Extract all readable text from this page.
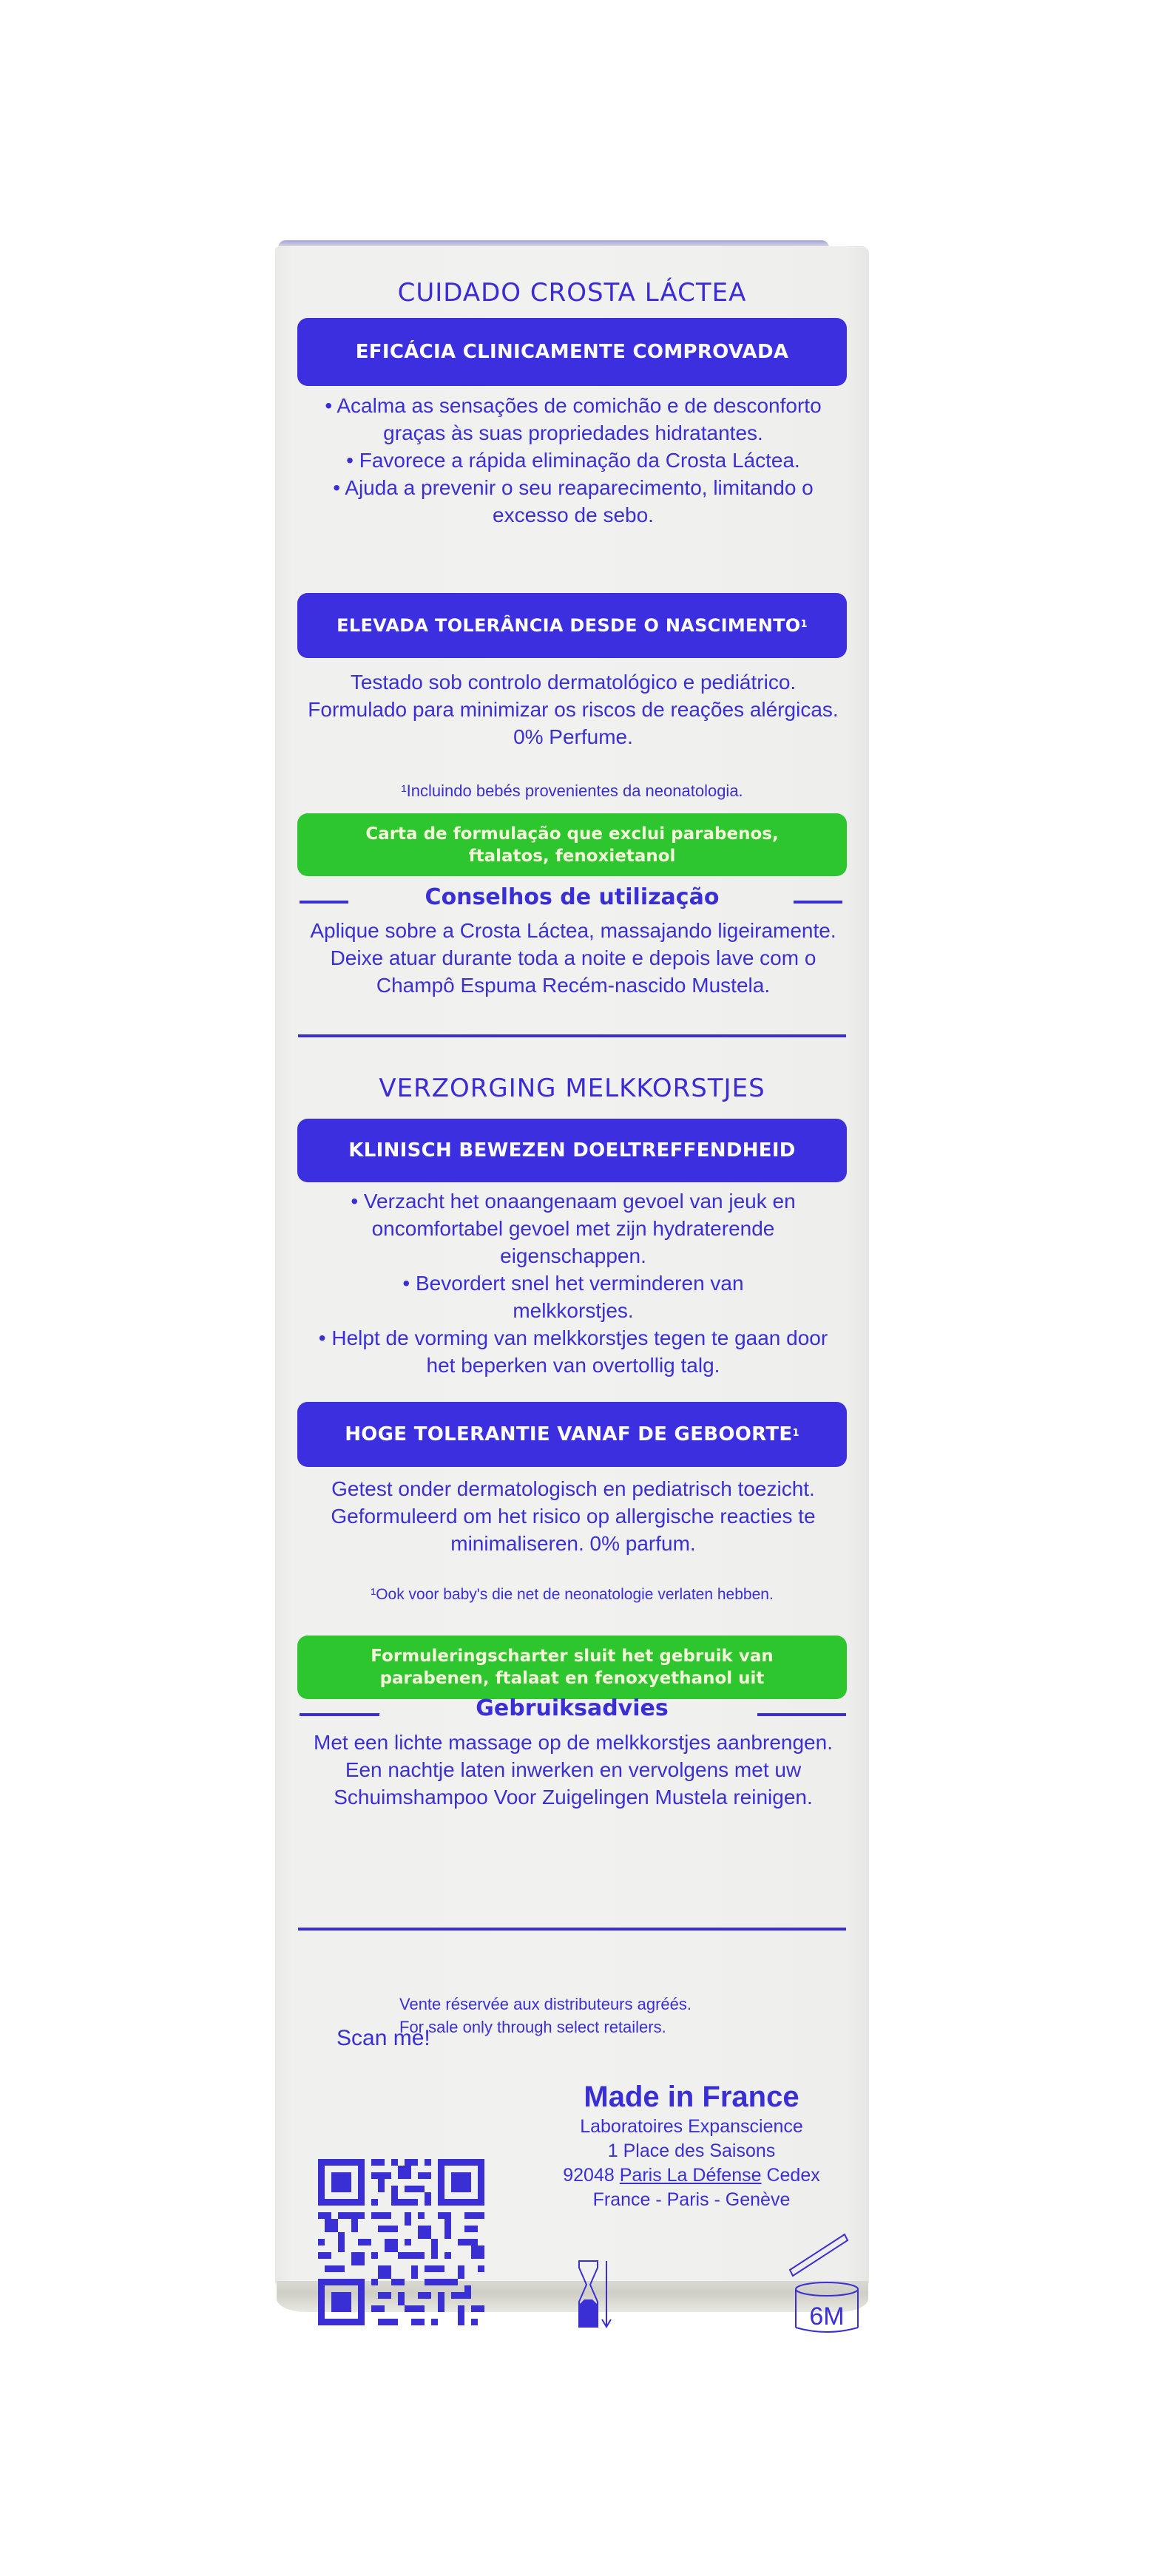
CUIDADO CROSTA LÁCTEA
EFICÁCIA CLINICAMENTE COMPROVADA

• Acalma as sensações de comichão e de desconforto graças às suas propriedades hidratantes.

• Favorece a rápida eliminação da Crosta Láctea.

• Ajuda a prevenir o seu reaparecimento, limitando o excesso de sebo.

ELEVADA TOLERÂNCIA DESDE O NASCIMENTO$^1$

Testado sob controlo dermatológico e pediátrico.

Formulado para minimizar os riscos de reações alérgicas. 0% Perfume.

¹Incluindo bebés provenientes da neonatologia.
Carta de formulação que exclui parabenos, ftalatos, fenoxietanol
Conselhos de utilização
Aplique sobre a Crosta Láctea, massajando ligeiramente. Deixe atuar durante toda a noite e depois lave com o Champô Espuma Recém-nascido Mustela.
VERZORGING MELKKORSTJES
KLINISCH BEWEZEN DOELTREFFENDHEID

• Verzacht het onaangenaam gevoel van jeuk en oncomfortabel gevoel met zijn hydraterende eigenschappen.

• Bevordert snel het verminderen van melkkorstjes.

• Helpt de vorming van melkkorstjes tegen te gaan door het beperken van overtollig talg.

HOGE TOLERANTIE VANAF DE GEBOORTE$^1$

Getest onder dermatologisch en pediatrisch toezicht.

Geformuleerd om het risico op allergische reacties te minimaliseren. 0% parfum.

¹Ook voor baby's die net de neonatologie verlaten hebben.
Formuleringscharter sluit het gebruik van parabenen, ftalaat en fenoxyethanol uit
Gebruiksadvies
Met een lichte massage op de melkkorstjes aanbrengen. Een nachtje laten inwerken en vervolgens met uw Schuimshampoo Voor Zuigelingen Mustela reinigen.
Vente réservée aux distributeurs agréés.
For sale only through select retailers.
Scan me!
Made in France
Laboratoires Expanscience
1 Place des Saisons
92048 Paris La Défense Cedex
France - Paris - Genève
6M
